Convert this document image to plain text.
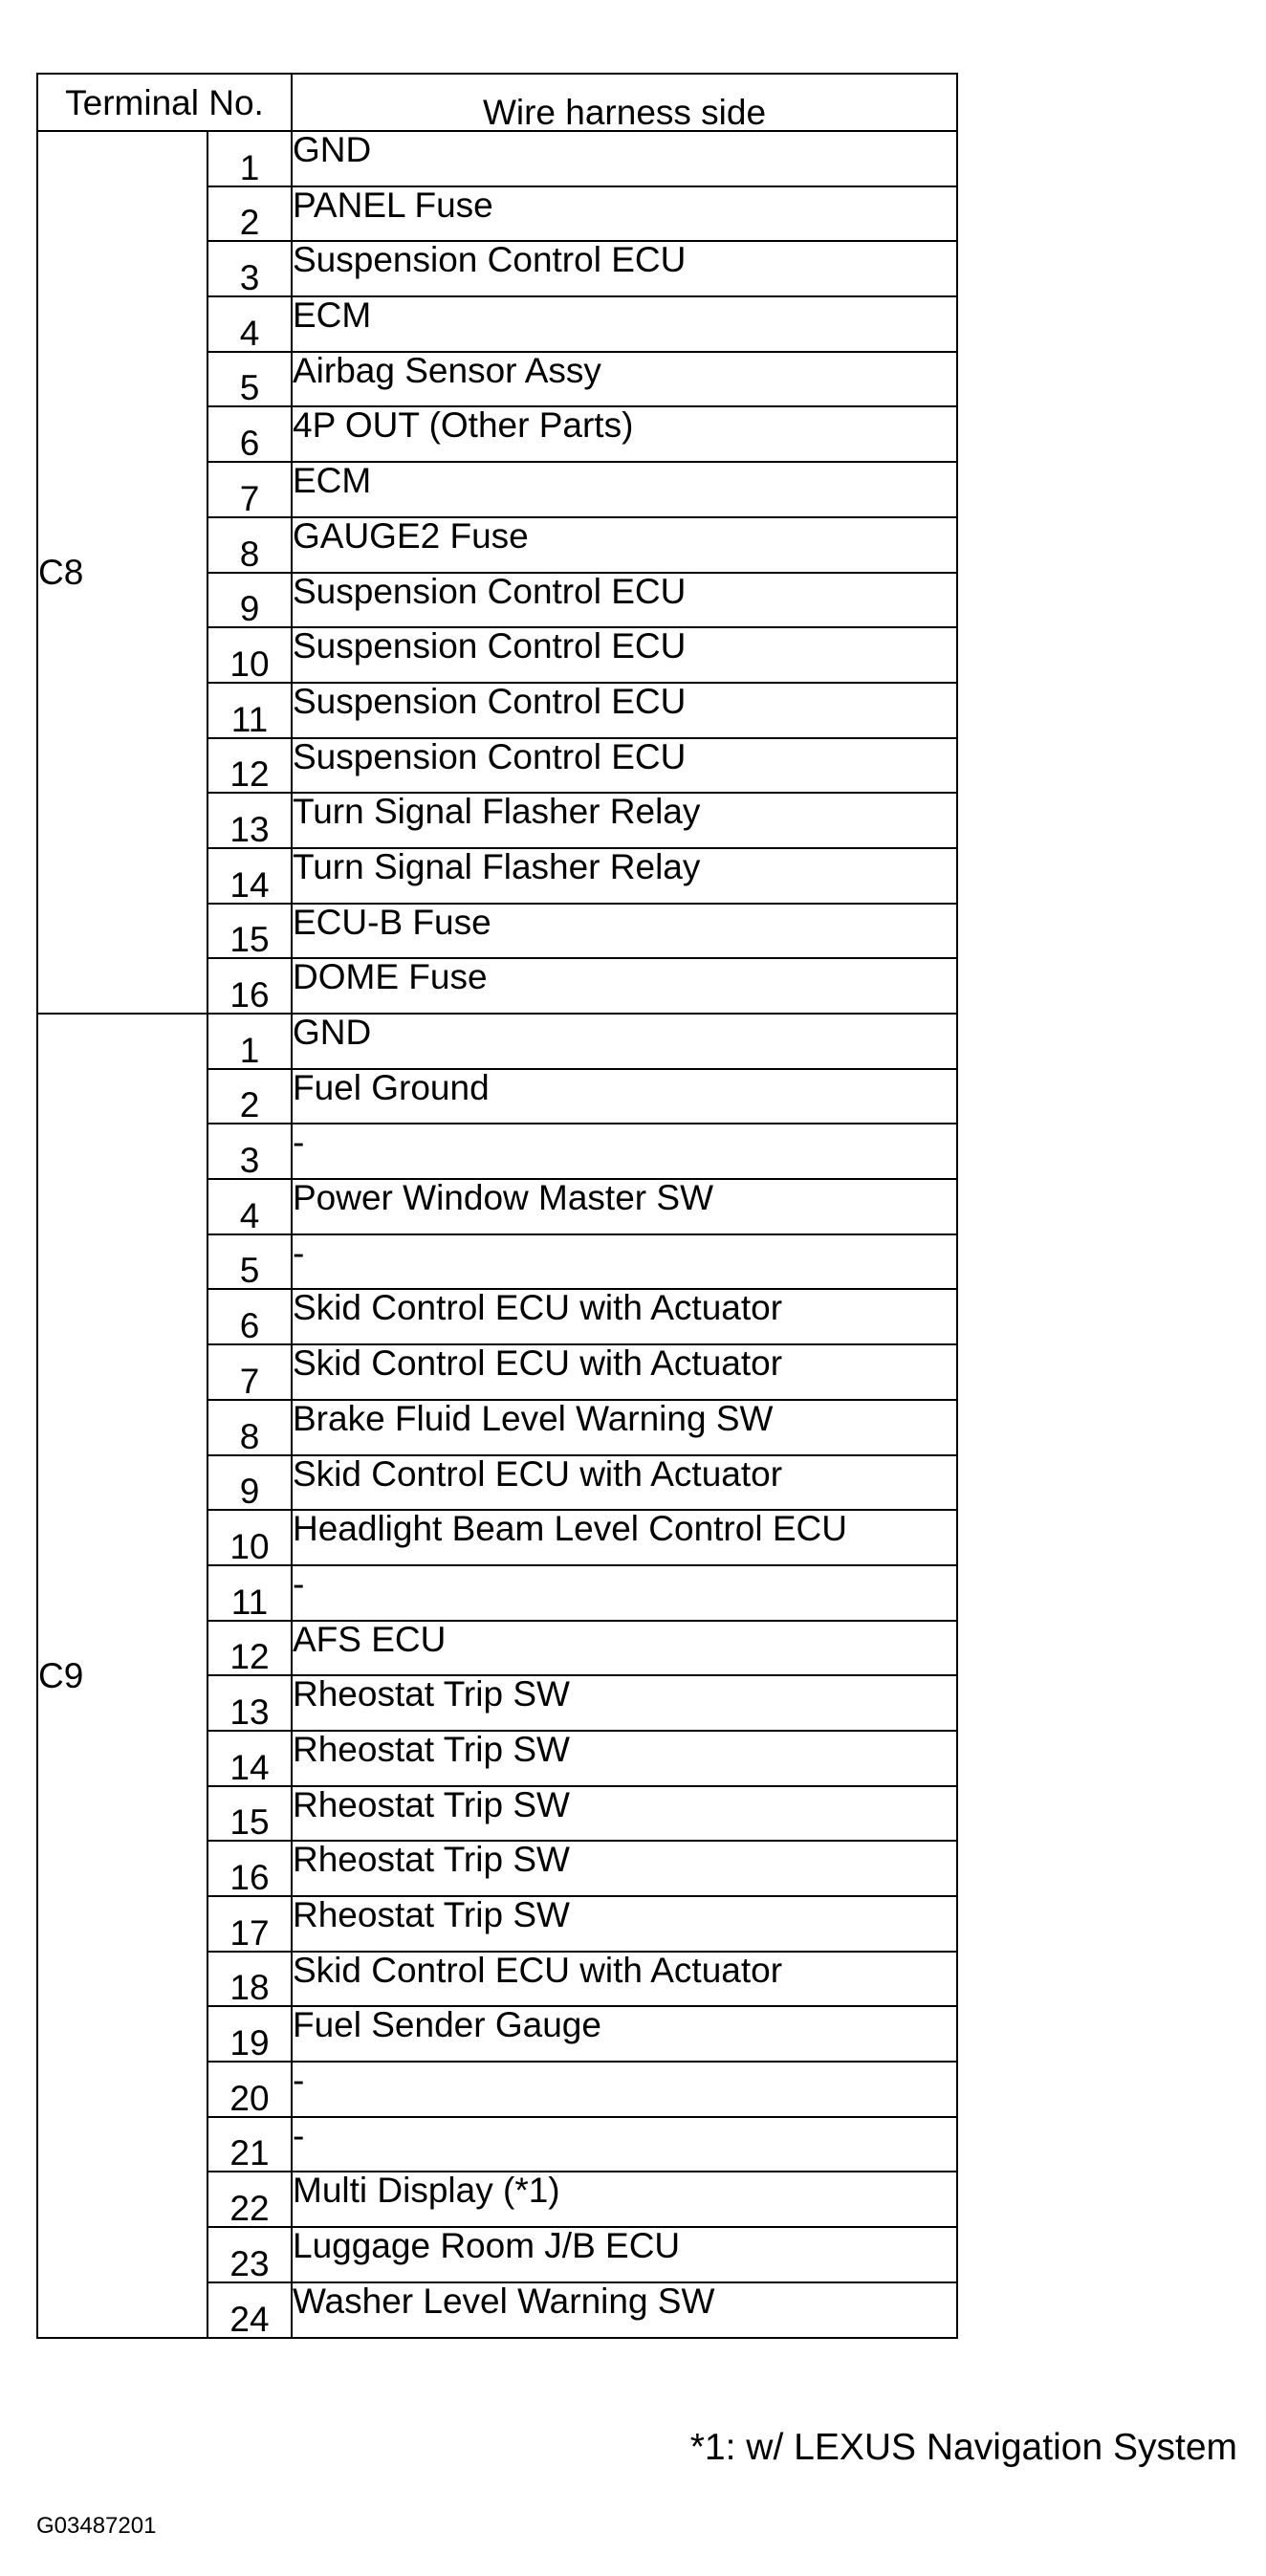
Terminal No.		Wire harness side
C8	1	GND
	2	PANEL Fuse
	3	Suspension Control ECU
	4	ECM
	5	Airbag Sensor Assy
	6	4P OUT (Other Parts)
	7	ECM
	8	GAUGE2 Fuse
	9	Suspension Control ECU
	10	Suspension Control ECU
	11	Suspension Control ECU
	12	Suspension Control ECU
	13	Turn Signal Flasher Relay
	14	Turn Signal Flasher Relay
	15	ECU-B Fuse
	16	DOME Fuse
C9	1	GND
	2	Fuel Ground
	3	-
	4	Power Window Master SW
	5	-
	6	Skid Control ECU with Actuator
	7	Skid Control ECU with Actuator
	8	Brake Fluid Level Warning SW
	9	Skid Control ECU with Actuator
	10	Headlight Beam Level Control ECU
	11	-
	12	AFS ECU
	13	Rheostat Trip SW
	14	Rheostat Trip SW
	15	Rheostat Trip SW
	16	Rheostat Trip SW
	17	Rheostat Trip SW
	18	Skid Control ECU with Actuator
	19	Fuel Sender Gauge
	20	-
	21	-
	22	Multi Display (*1)
	23	Luggage Room J/B ECU
	24	Washer Level Warning SW
*1: w/ LEXUS Navigation System
G03487201
